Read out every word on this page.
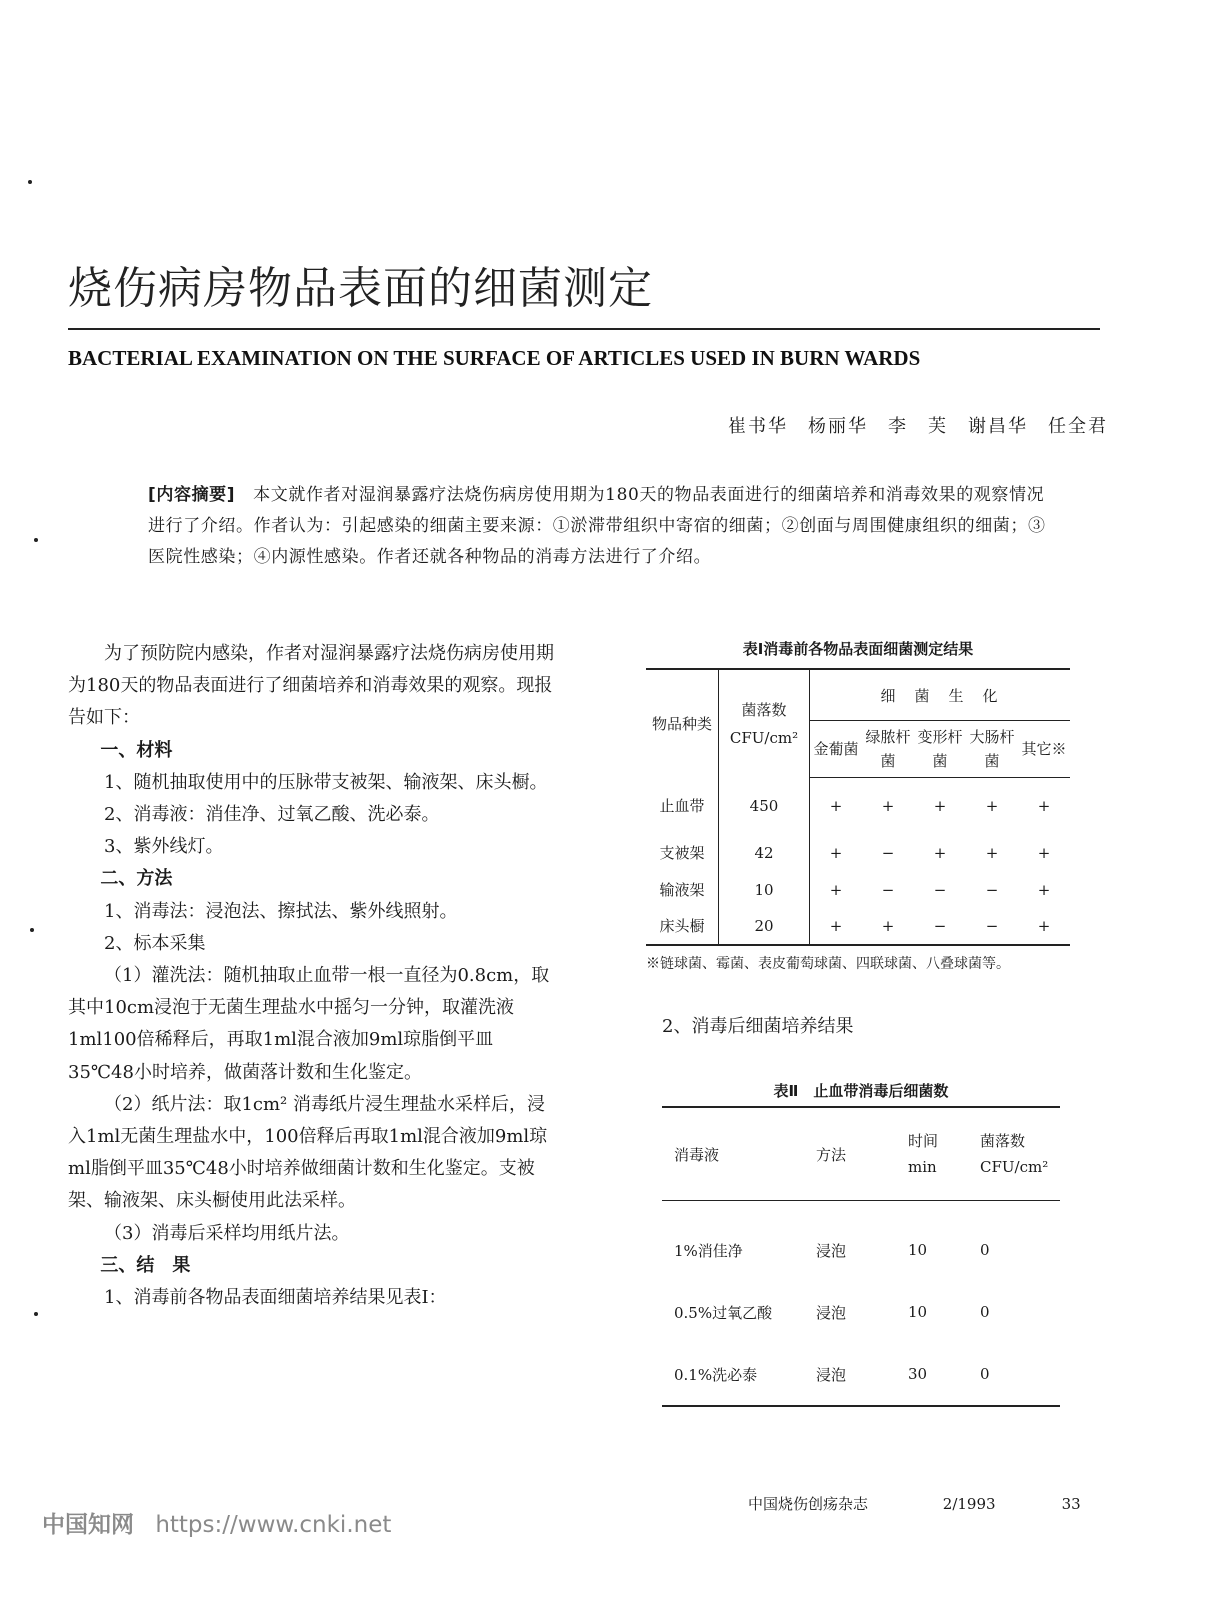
烧伤病房物品表面的细菌测定
BACTERIAL EXAMINATION ON THE SURFACE OF ARTICLES USED IN BURN WARDS
崔书华　杨丽华　李　芙　谢昌华　任全君
[内容摘要] 本文就作者对湿润暴露疗法烧伤病房使用期为180天的物品表面进行的细菌培养和消毒效果的观察情况进行了介绍。作者认为：引起感染的细菌主要来源：①淤滞带组织中寄宿的细菌；②创面与周围健康组织的细菌；③医院性感染；④内源性感染。作者还就各种物品的消毒方法进行了介绍。

为了预防院内感染，作者对湿润暴露疗法烧伤病房使用期为180天的物品表面进行了细菌培养和消毒效果的观察。现报告如下：

一、材料

1、随机抽取使用中的压脉带支被架、输液架、床头橱。

2、消毒液：消佳净、过氧乙酸、洗必泰。

3、紫外线灯。

二、方法

1、消毒法：浸泡法、擦拭法、紫外线照射。

2、标本采集

（1）灌洗法：随机抽取止血带一根一直径为0.8cm，取其中10cm浸泡于无菌生理盐水中摇匀一分钟，取灌洗液1ml100倍稀释后，再取1ml混合液加9ml琼脂倒平皿35℃48小时培养，做菌落计数和生化鉴定。

（2）纸片法：取1cm² 消毒纸片浸生理盐水采样后，浸入1ml无菌生理盐水中，100倍释后再取1ml混合液加9ml琼ml脂倒平皿35℃48小时培养做细菌计数和生化鉴定。支被架、输液架、床头橱使用此法采样。

（3）消毒后采样均用纸片法。

三、结　果

1、消毒前各物品表面细菌培养结果见表Ⅰ：

表Ⅰ消毒前各物品表面细菌测定结果
物品种类	菌落数 CFU/cm²	细　菌　生　化				
		金葡菌	绿脓杆菌	变形杆菌	大肠杆菌	其它※
止血带	450	+	+	+	+	+
支被架	42	+	−	+	+	+
输液架	10	+	−	−	−	+
床头橱	20	+	+	−	−	+
※链球菌、霉菌、表皮葡萄球菌、四联球菌、八叠球菌等。
2、消毒后细菌培养结果
表Ⅱ　止血带消毒后细菌数
消毒液	方法	时间 min	菌落数 CFU/cm²
1%消佳净	浸泡	10	0
0.5%过氧乙酸	浸泡	10	0
0.1%洗必泰	浸泡	30	0
中国烧伤创疡杂志	2/1993	33
中国知网 https://www.cnki.net
